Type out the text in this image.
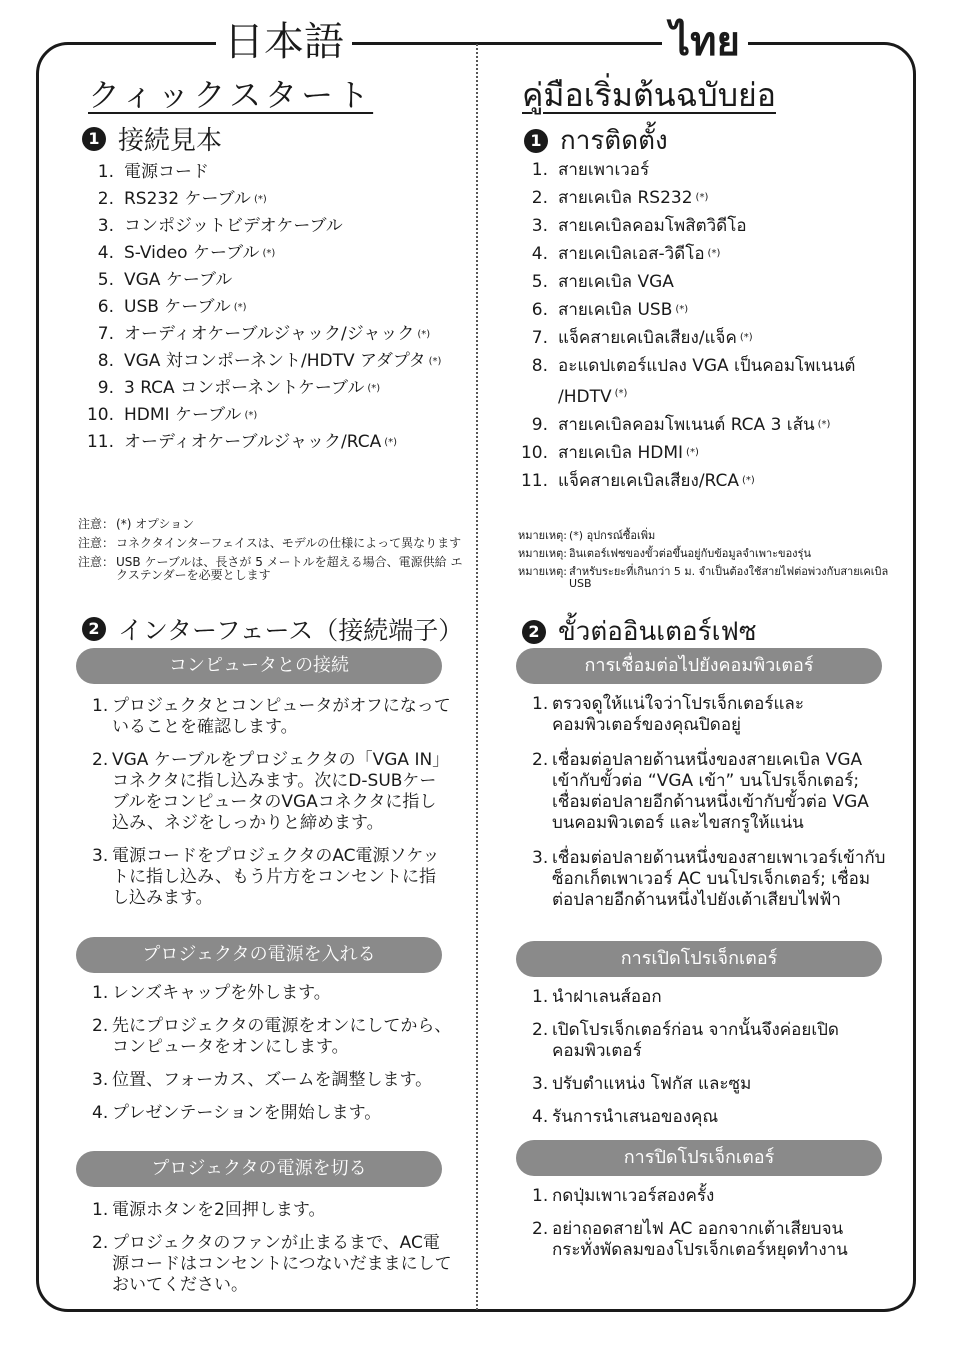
日本語	ไทย
クィックスタート
1 接続見本
1. 電源コード
2. RS232 ケーブル (*)
3. コンポジットビデオケーブル
4. S-Video ケーブル (*)
5. VGA ケーブル
6. USB ケーブル (*)
7. オーディオケーブルジャック/ジャック (*)
8. VGA 対コンポーネント/HDTV アダプタ (*)
9. 3 RCA コンポーネントケーブル (*)
10. HDMI ケーブル (*)
11. オーディオケーブルジャック/RCA (*)
注意： (*) オプション
注意： コネクタインターフェイスは、モデルの仕様によって異なります
注意： USB ケーブルは、長さが 5 メートルを超える場合、電源供給 エクステンダーを必要とします
2 インターフェース（接続端子）
コンピュータとの接続
1. プロジェクタとコンピュータがオフになっていることを確認します。
2. VGA ケーブルをプロジェクタの「VGA IN」コネクタに指し込みます。次にD-SUBケーブルをコンピュータのVGAコネクタに指し込み、ネジをしっかりと締めます。
3. 電源コードをプロジェクタのAC電源ソケットに指し込み、もう片方をコンセントに指し込みます。
プロジェクタの電源を入れる
1. レンズキャップを外します。
2. 先にプロジェクタの電源をオンにしてから、コンピュータをオンにします。
3. 位置、フォーカス、ズームを調整します。
4. プレゼンテーションを開始します。
プロジェクタの電源を切る
1. 電源ホタンを2回押します。
2. プロジェクタのファンが止まるまで、AC電源コードはコンセントにつないだままにしておいてください。
คู่มือเริ่มต้นฉบับย่อ
1 การติดตั้ง
1. สายเพาเวอร์
2. สายเคเบิล RS232 (*)
3. สายเคเบิลคอมโพสิตวิดีโอ
4. สายเคเบิลเอส-วิดีโอ (*)
5. สายเคเบิล VGA
6. สายเคเบิล USB (*)
7. แจ็คสายเคเบิลเสียง/แจ็ค (*)
8. อะแดปเตอร์แปลง VGA เป็นคอมโพเนนต์ /HDTV (*)
9. สายเคเบิลคอมโพเนนต์ RCA 3 เส้น (*)
10. สายเคเบิล HDMI (*)
11. แจ็คสายเคเบิลเสียง/RCA (*)
หมายเหตุ: (*) อุปกรณ์ซื้อเพิ่ม
หมายเหตุ: อินเตอร์เฟซของขั้วต่อขึ้นอยู่กับข้อมูลจำเพาะของรุ่น
หมายเหตุ: สำหรับระยะที่เกินกว่า 5 ม. จำเป็นต้องใช้สายไฟต่อพ่วงกับสายเคเบิล USB
2 ขั้วต่ออินเตอร์เฟซ
การเชื่อมต่อไปยังคอมพิวเตอร์
1. ตรวจดูให้แน่ใจว่าโปรเจ็กเตอร์และคอมพิวเตอร์ของคุณปิดอยู่
2. เชื่อมต่อปลายด้านหนึ่งของสายเคเบิล VGA เข้ากับขั้วต่อ “VGA เข้า” บนโปรเจ็กเตอร์; เชื่อมต่อปลายอีกด้านหนึ่งเข้ากับขั้วต่อ VGA บนคอมพิวเตอร์ และไขสกรูให้แน่น
3. เชื่อมต่อปลายด้านหนึ่งของสายเพาเวอร์เข้ากับซ็อกเก็ตเพาเวอร์ AC บนโปรเจ็กเตอร์; เชื่อมต่อปลายอีกด้านหนึ่งไปยังเต้าเสียบไฟฟ้า
การเปิดโปรเจ็กเตอร์
1. นำฝาเลนส์ออก
2. เปิดโปรเจ็กเตอร์ก่อน จากนั้นจึงค่อยเปิดคอมพิวเตอร์
3. ปรับตำแหน่ง โฟกัส และซูม
4. รันการนำเสนอของคุณ
การปิดโปรเจ็กเตอร์
1. กดปุ่มเพาเวอร์สองครั้ง
2. อย่าถอดสายไฟ AC ออกจากเต้าเสียบจนกระทั่งพัดลมของโปรเจ็กเตอร์หยุดทำงาน
